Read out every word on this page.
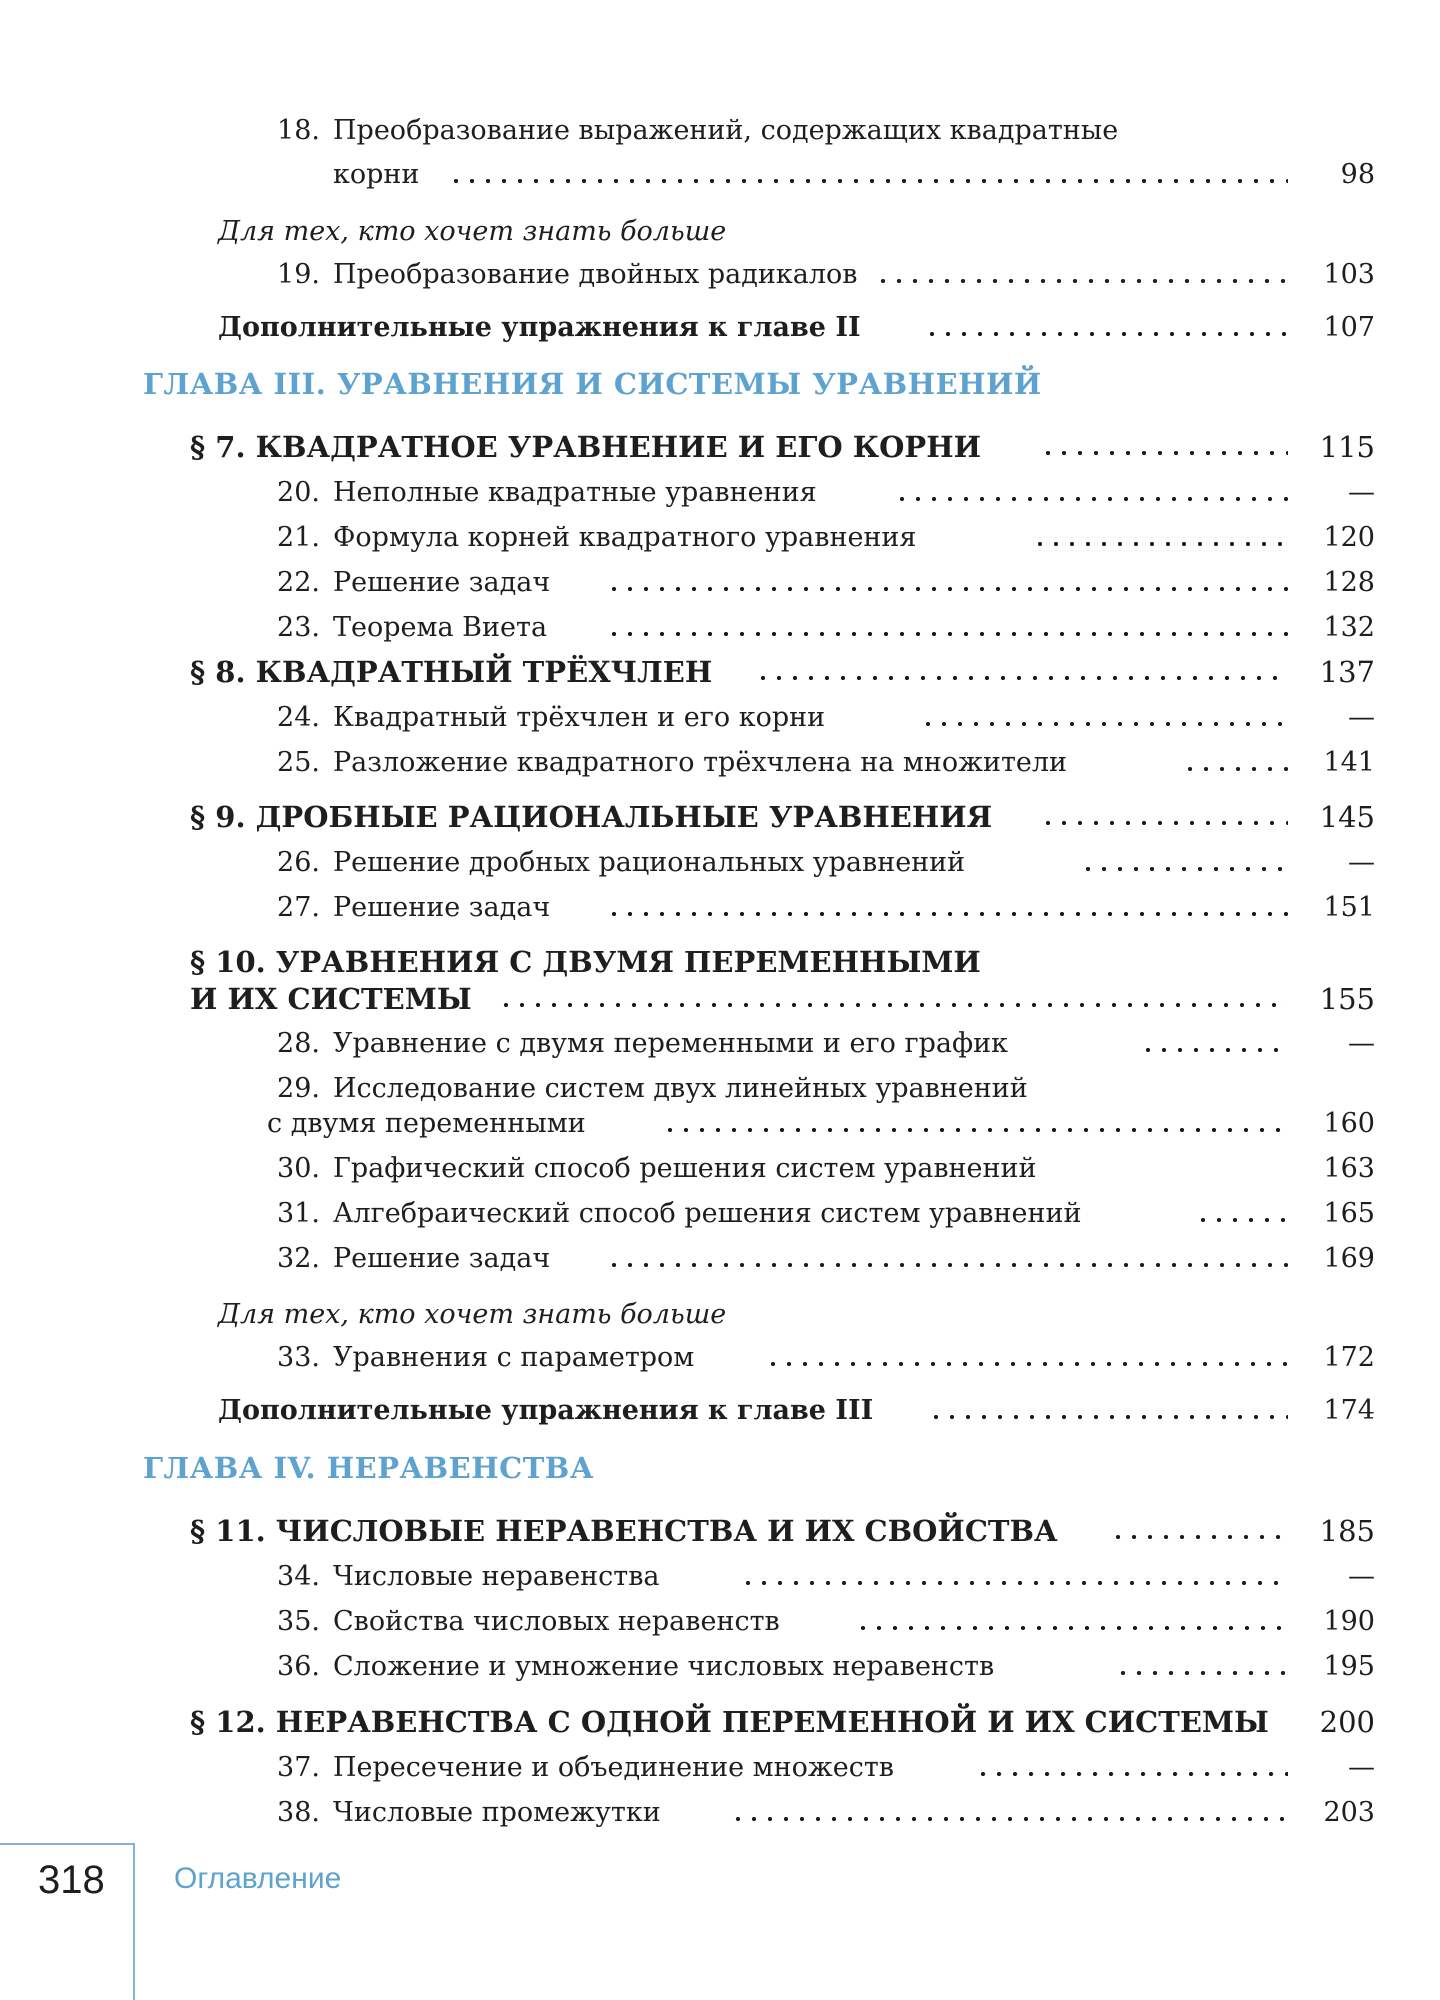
18. Преобразование выражений, содержащих квадратные
корни	98
Для тех, кто хочет знать больше
19. Преобразование двойных радикалов	103
Дополнительные упражнения к главе II	107
ГЛАВА III. УРАВНЕНИЯ И СИСТЕМЫ УРАВНЕНИЙ
§ 7. КВАДРАТНОЕ УРАВНЕНИЕ И ЕГО КОРНИ	115
20. Неполные квадратные уравнения	—
21. Формула корней квадратного уравнения	120
22. Решение задач	128
23. Теорема Виета	132
§ 8. КВАДРАТНЫЙ ТРЁХЧЛЕН	137
24. Квадратный трёхчлен и его корни	—
25. Разложение квадратного трёхчлена на множители	141
§ 9. ДРОБНЫЕ РАЦИОНАЛЬНЫЕ УРАВНЕНИЯ	145
26. Решение дробных рациональных уравнений	—
27. Решение задач	151
§ 10. УРАВНЕНИЯ С ДВУМЯ ПЕРЕМЕННЫМИ
И ИХ СИСТЕМЫ	155
28. Уравнение с двумя переменными и его график	—
29. Исследование систем двух линейных уравнений
с двумя переменными	160
30. Графический способ решения систем уравнений	163
31. Алгебраический способ решения систем уравнений	165
32. Решение задач	169
Для тех, кто хочет знать больше
33. Уравнения с параметром	172
Дополнительные упражнения к главе III	174
ГЛАВА IV. НЕРАВЕНСТВА
§ 11. ЧИСЛОВЫЕ НЕРАВЕНСТВА И ИХ СВОЙСТВА	185
34. Числовые неравенства	—
35. Свойства числовых неравенств	190
36. Сложение и умножение числовых неравенств	195
§ 12. НЕРАВЕНСТВА С ОДНОЙ ПЕРЕМЕННОЙ И ИХ СИСТЕМЫ	200
37. Пересечение и объединение множеств	—
38. Числовые промежутки	203
318 Оглавление
